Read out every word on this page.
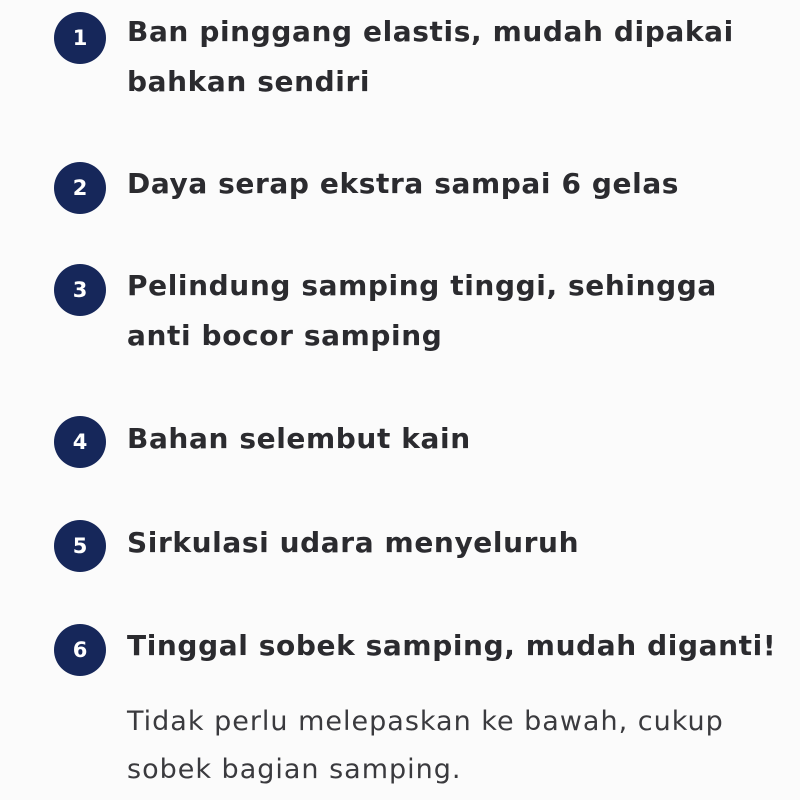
1	Ban pinggang elastis, mudah dipakai bahkan sendiri

2	Daya serap ekstra sampai 6 gelas

3	Pelindung samping tinggi, sehingga anti bocor samping

4	Bahan selembut kain

5	Sirkulasi udara menyeluruh

6	Tinggal sobek samping, mudah diganti!

Tidak perlu melepaskan ke bawah, cukup sobek bagian samping.
